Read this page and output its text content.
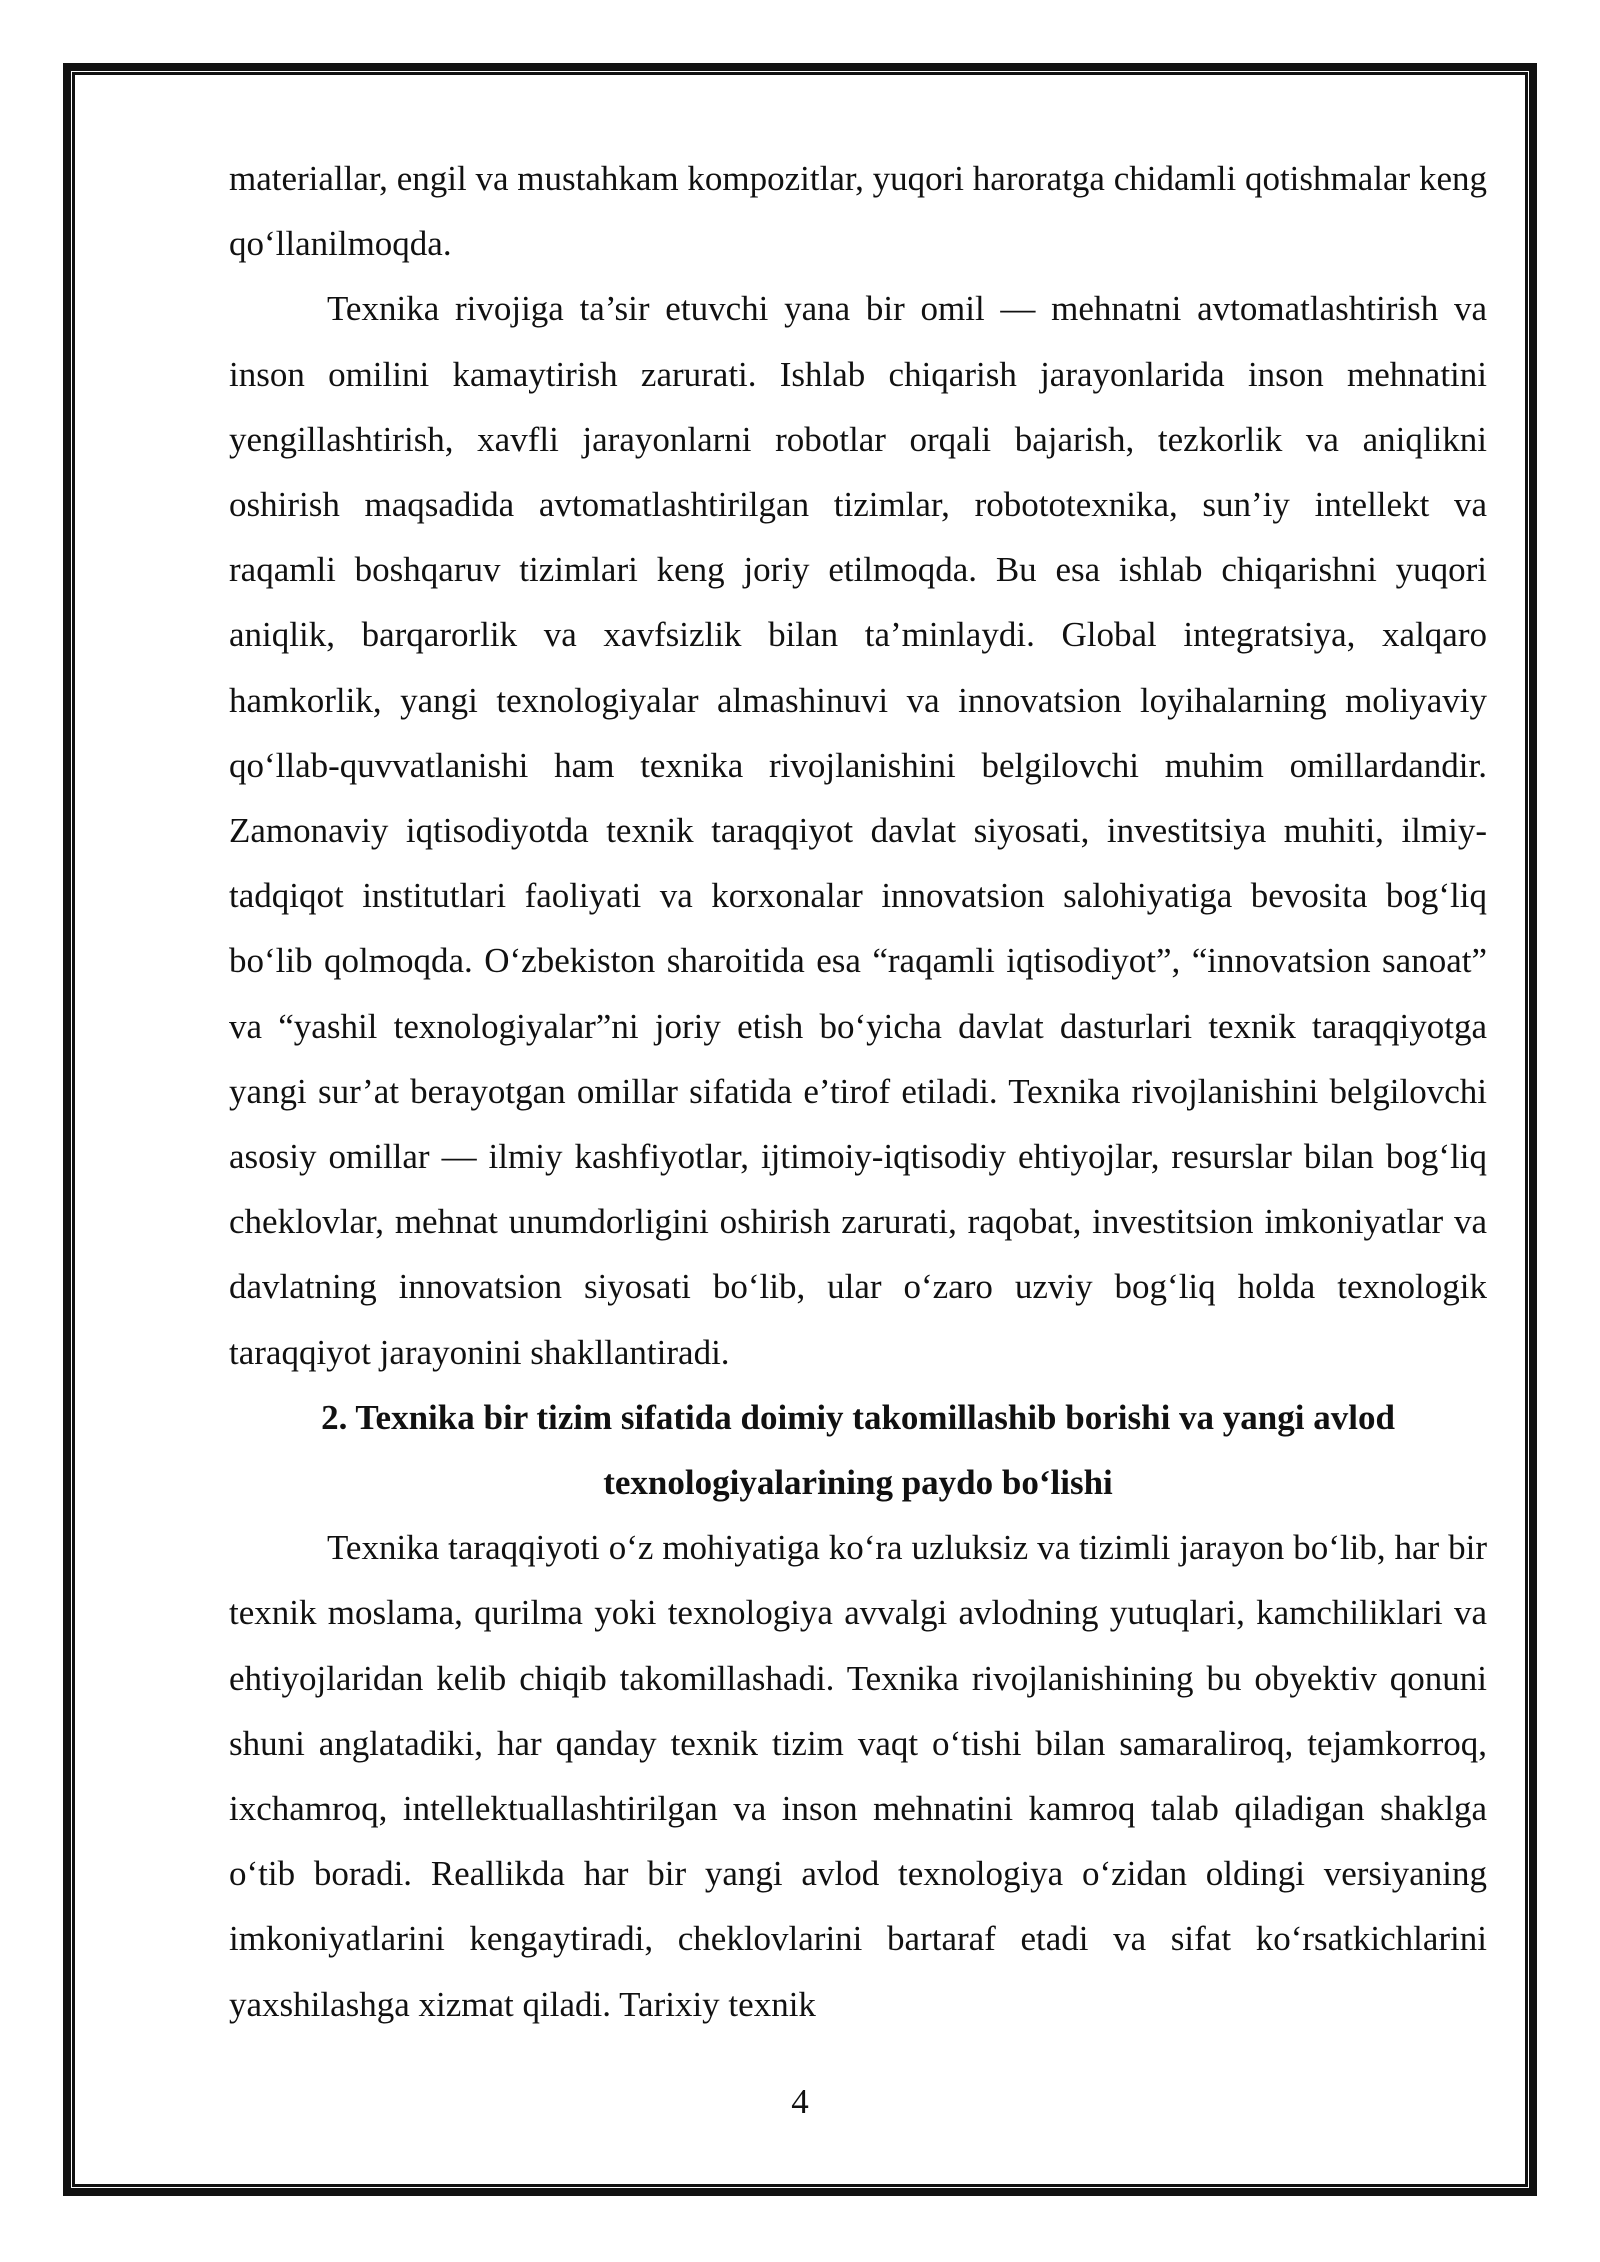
materiallar, engil va mustahkam kompozitlar, yuqori haroratga chidamli qotishmalar keng qo‘llanilmoqda.

Texnika rivojiga ta’sir etuvchi yana bir omil — mehnatni avtomatlashtirish va inson omilini kamaytirish zarurati. Ishlab chiqarish jarayonlarida inson mehnatini yengillashtirish, xavfli jarayonlarni robotlar orqali bajarish, tezkorlik va aniqlikni oshirish maqsadida avtomatlashtirilgan tizimlar, robototexnika, sun’iy intellekt va raqamli boshqaruv tizimlari keng joriy etilmoqda. Bu esa ishlab chiqarishni yuqori aniqlik, barqarorlik va xavfsizlik bilan ta’minlaydi. Global integratsiya, xalqaro hamkorlik, yangi texnologiyalar almashinuvi va innovatsion loyihalarning moliyaviy qo‘llab-quvvatlanishi ham texnika rivojlanishini belgilovchi muhim omillardandir. Zamonaviy iqtisodiyotda texnik taraqqiyot davlat siyosati, investitsiya muhiti, ilmiy-tadqiqot institutlari faoliyati va korxonalar innovatsion salohiyatiga bevosita bog‘liq bo‘lib qolmoqda. O‘zbekiston sharoitida esa “raqamli iqtisodiyot”, “innovatsion sanoat” va “yashil texnologiyalar”ni joriy etish bo‘yicha davlat dasturlari texnik taraqqiyotga yangi sur’at berayotgan omillar sifatida e’tirof etiladi. Texnika rivojlanishini belgilovchi asosiy omillar — ilmiy kashfiyotlar, ijtimoiy-iqtisodiy ehtiyojlar, resurslar bilan bog‘liq cheklovlar, mehnat unumdorligini oshirish zarurati, raqobat, investitsion imkoniyatlar va davlatning innovatsion siyosati bo‘lib, ular o‘zaro uzviy bog‘liq holda texnologik taraqqiyot jarayonini shakllantiradi.

2. Texnika bir tizim sifatida doimiy takomillashib borishi va yangi avlod texnologiyalarining paydo bo‘lishi

Texnika taraqqiyoti o‘z mohiyatiga ko‘ra uzluksiz va tizimli jarayon bo‘lib, har bir texnik moslama, qurilma yoki texnologiya avvalgi avlodning yutuqlari, kamchiliklari va ehtiyojlaridan kelib chiqib takomillashadi. Texnika rivojlanishining bu obyektiv qonuni shuni anglatadiki, har qanday texnik tizim vaqt o‘tishi bilan samaraliroq, tejamkorroq, ixchamroq, intellektuallashtirilgan va inson mehnatini kamroq talab qiladigan shaklga o‘tib boradi. Reallikda har bir yangi avlod texnologiya o‘zidan oldingi versiyaning imkoniyatlarini kengaytiradi, cheklovlarini bartaraf etadi va sifat ko‘rsatkichlarini yaxshilashga xizmat qiladi. Tarixiy texnik

4
